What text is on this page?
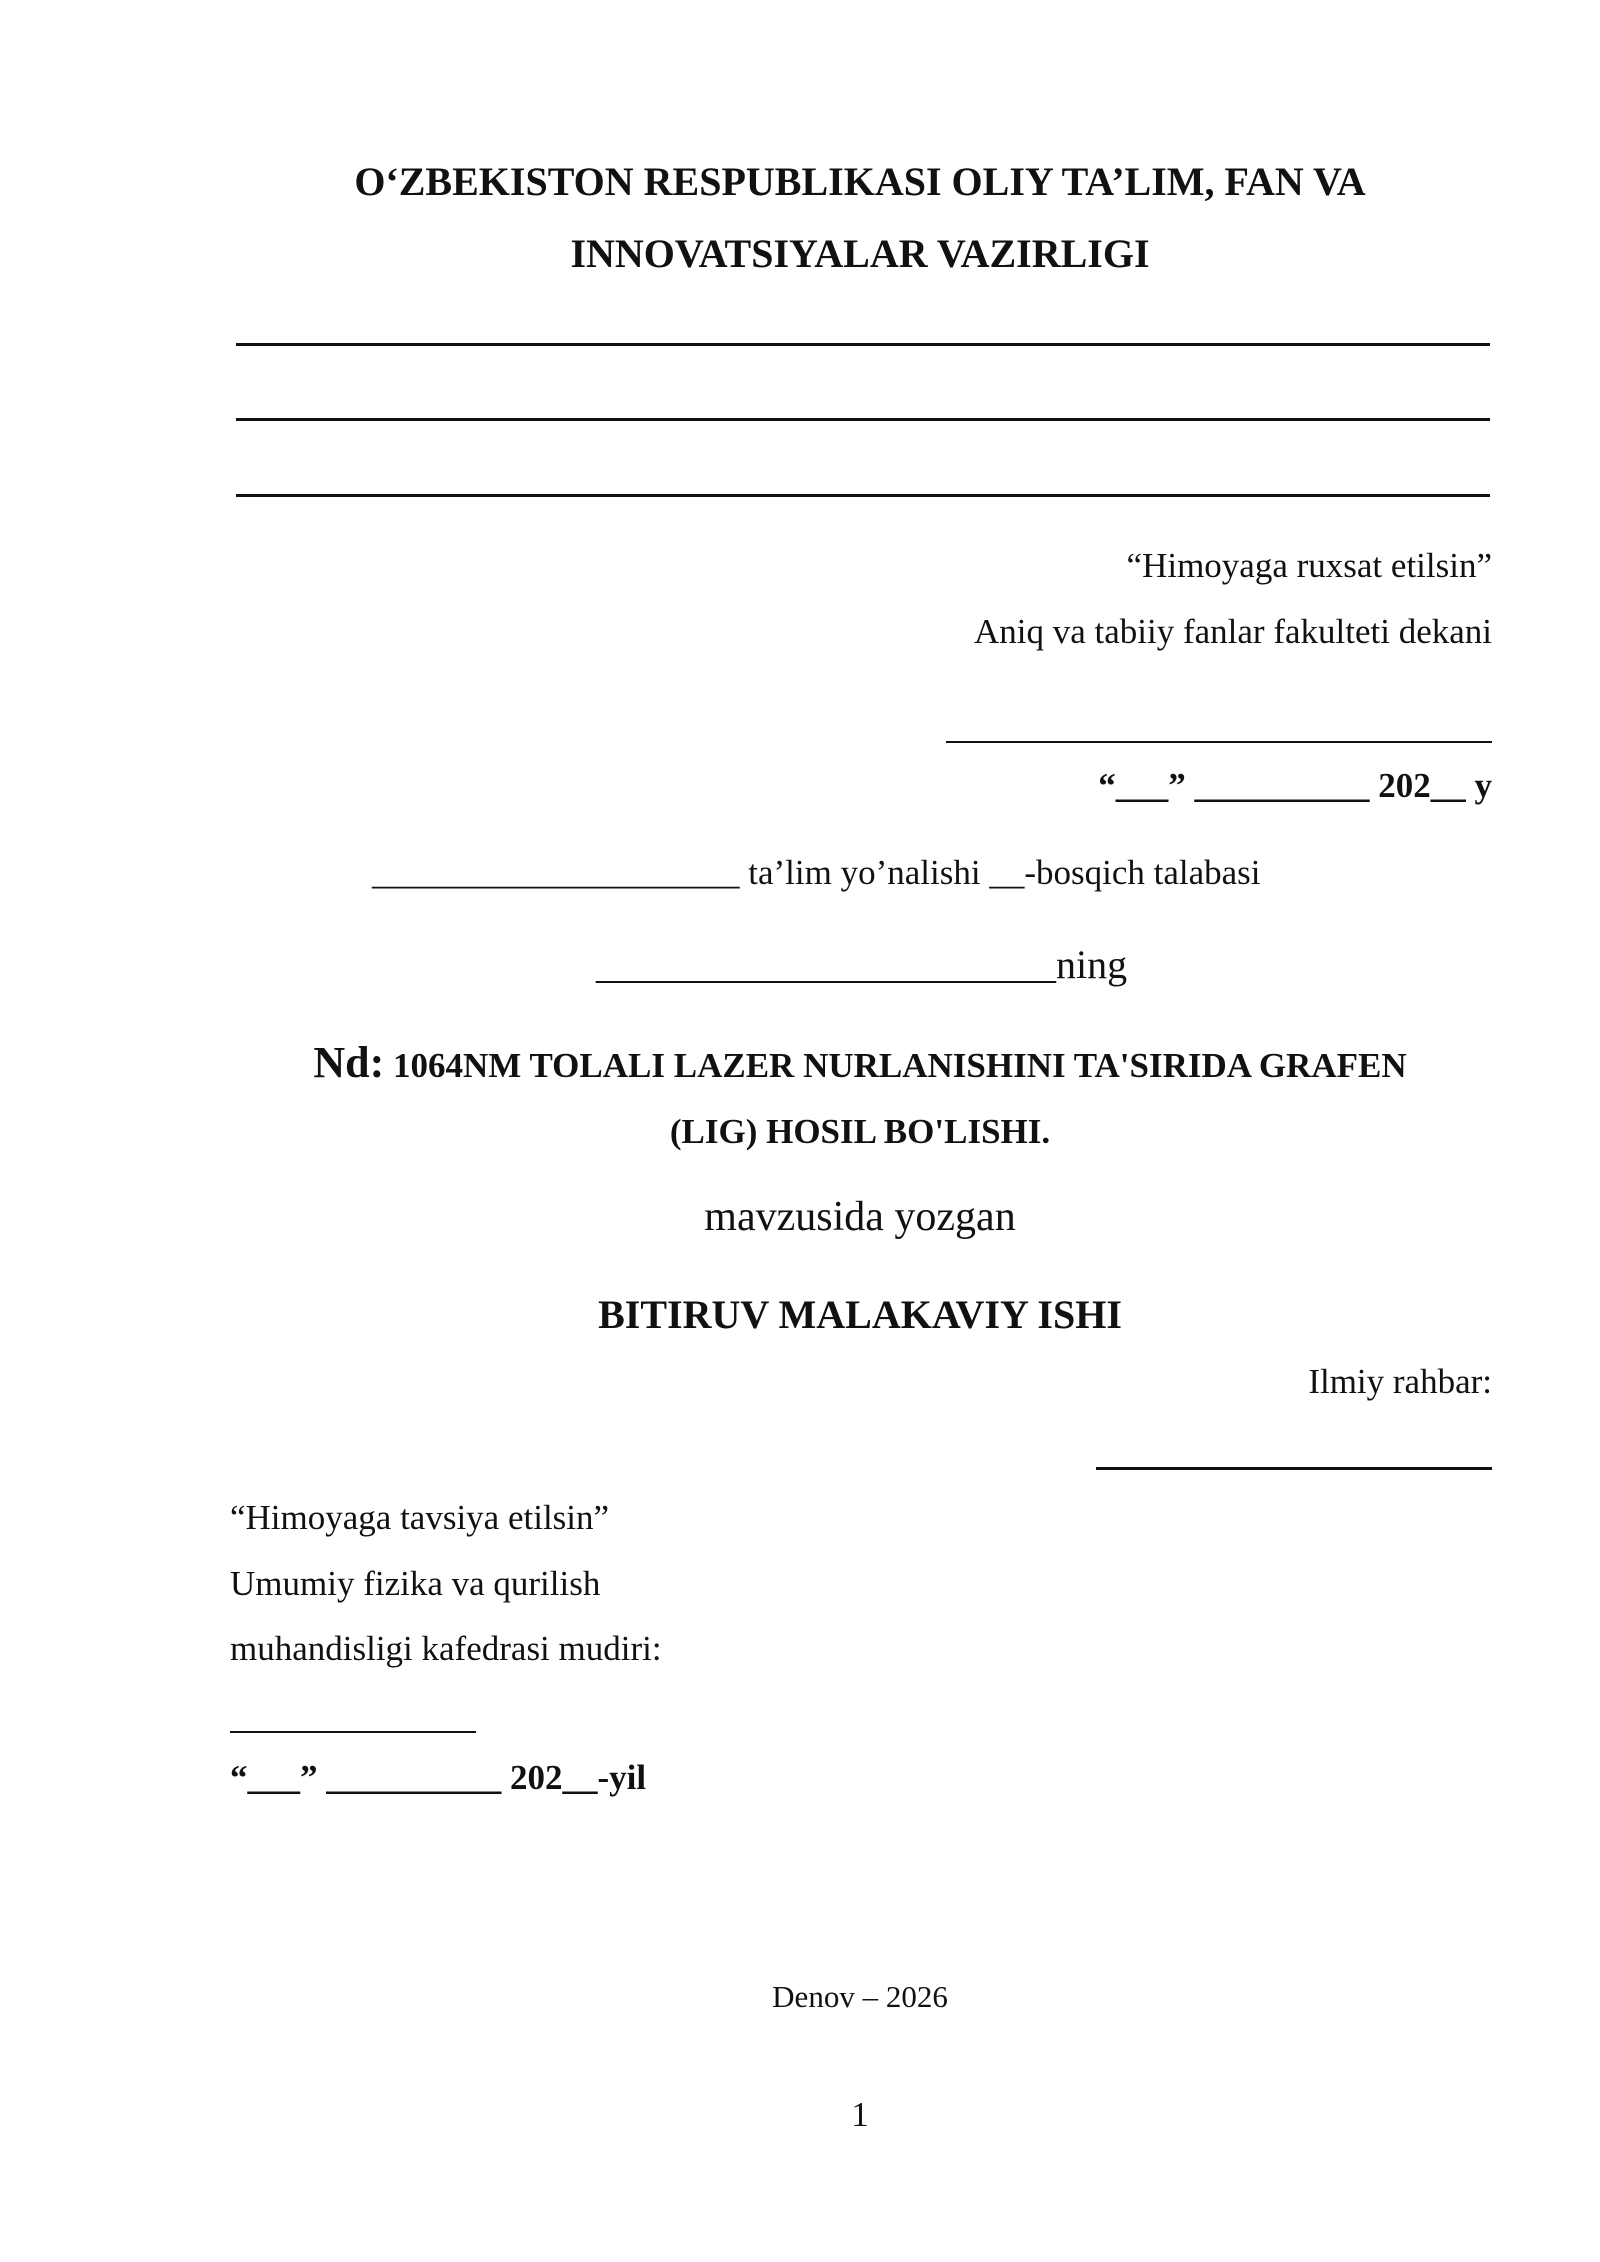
O‘ZBEKISTON RESPUBLIKASI OLIY TA’LIM, FAN VA
INNOVATSIYALAR VAZIRLIGI

“Himoyaga ruxsat etilsin”

Aniq va tabiiy fanlar fakulteti dekani

“___” __________ 202__ y

_____________________ ta’lim yo’nalishi __-bosqich talabasi

_______________________ning

Nd: 1064NM TOLALI LAZER NURLANISHINI TA'SIRIDA GRAFEN
(LIG) HOSIL BO'LISHI.

mavzusida yozgan

BITIRUV MALAKAVIY ISHI

Ilmiy rahbar:

“Himoyaga tavsiya etilsin”

Umumiy fizika va qurilish

muhandisligi kafedrasi mudiri:

“___” __________ 202__-yil

Denov – 2026

1
